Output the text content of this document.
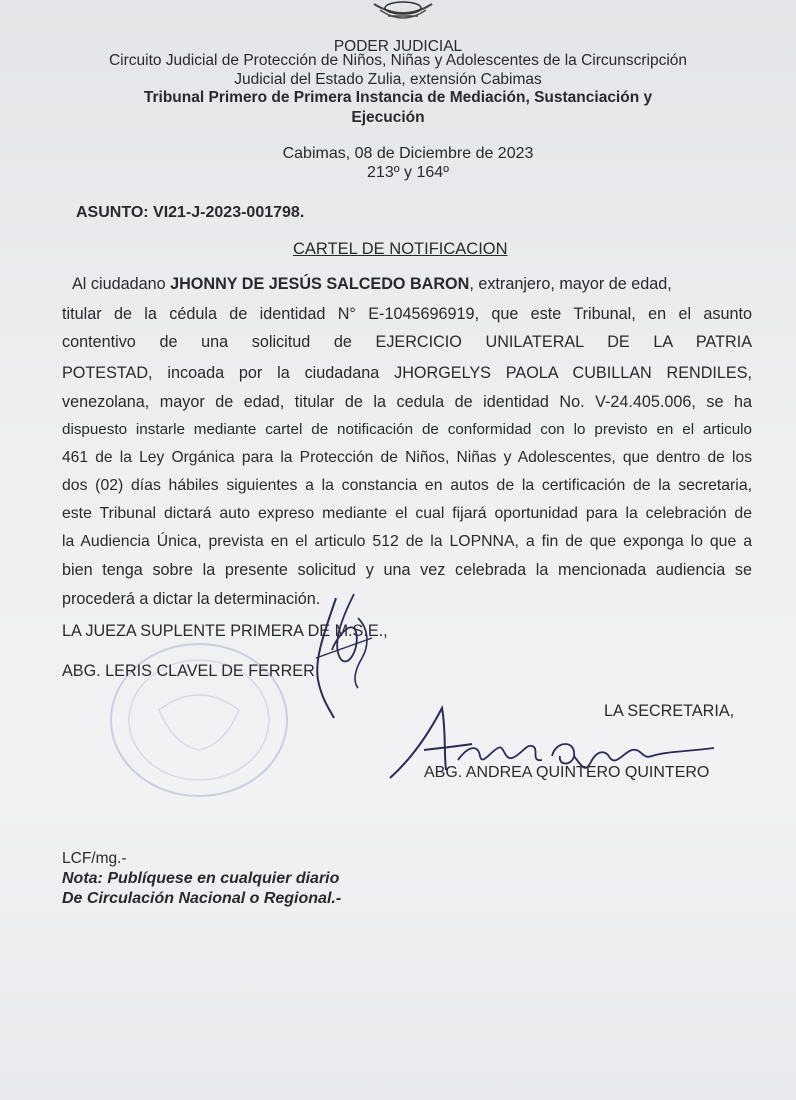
PODER JUDICIAL
Circuito Judicial de Protección de Niños, Niñas y Adolescentes de la Circunscripción
Judicial del Estado Zulia, extensión Cabimas
Tribunal Primero de Primera Instancia de Mediación, Sustanciación y
Ejecución
Cabimas, 08 de Diciembre de 2023
213º y 164º
ASUNTO: VI21-J-2023-001798.
CARTEL DE NOTIFICACION
Al ciudadano JHONNY DE JESÚS SALCEDO BARON, extranjero, mayor de edad,
titular de la cédula de identidad N° E-1045696919, que este Tribunal, en el asunto
contentivo de una solicitud de EJERCICIO UNILATERAL DE LA PATRIA
POTESTAD, incoada por la ciudadana JHORGELYS PAOLA CUBILLAN RENDILES,
venezolana, mayor de edad, titular de la cedula de identidad No. V-24.405.006, se ha
dispuesto instarle mediante cartel de notificación de conformidad con lo previsto en el articulo
461 de la Ley Orgánica para la Protección de Niños, Niñas y Adolescentes, que dentro de los
dos (02) días hábiles siguientes a la constancia en autos de la certificación de la secretaria,
este Tribunal dictará auto expreso mediante el cual fijará oportunidad para la celebración de
la Audiencia Única, prevista en el articulo 512 de la LOPNNA, a fin de que exponga lo que a
bien tenga sobre la presente solicitud y una vez celebrada la mencionada audiencia se
procederá a dictar la determinación.
LA JUEZA SUPLENTE PRIMERA DE M.S.E.,
ABG. LERIS CLAVEL DE FERRER
LA SECRETARIA,
ABG. ANDREA QUINTERO QUINTERO
LCF/mg.-
Nota: Publíquese en cualquier diario
De Circulación Nacional o Regional.-
